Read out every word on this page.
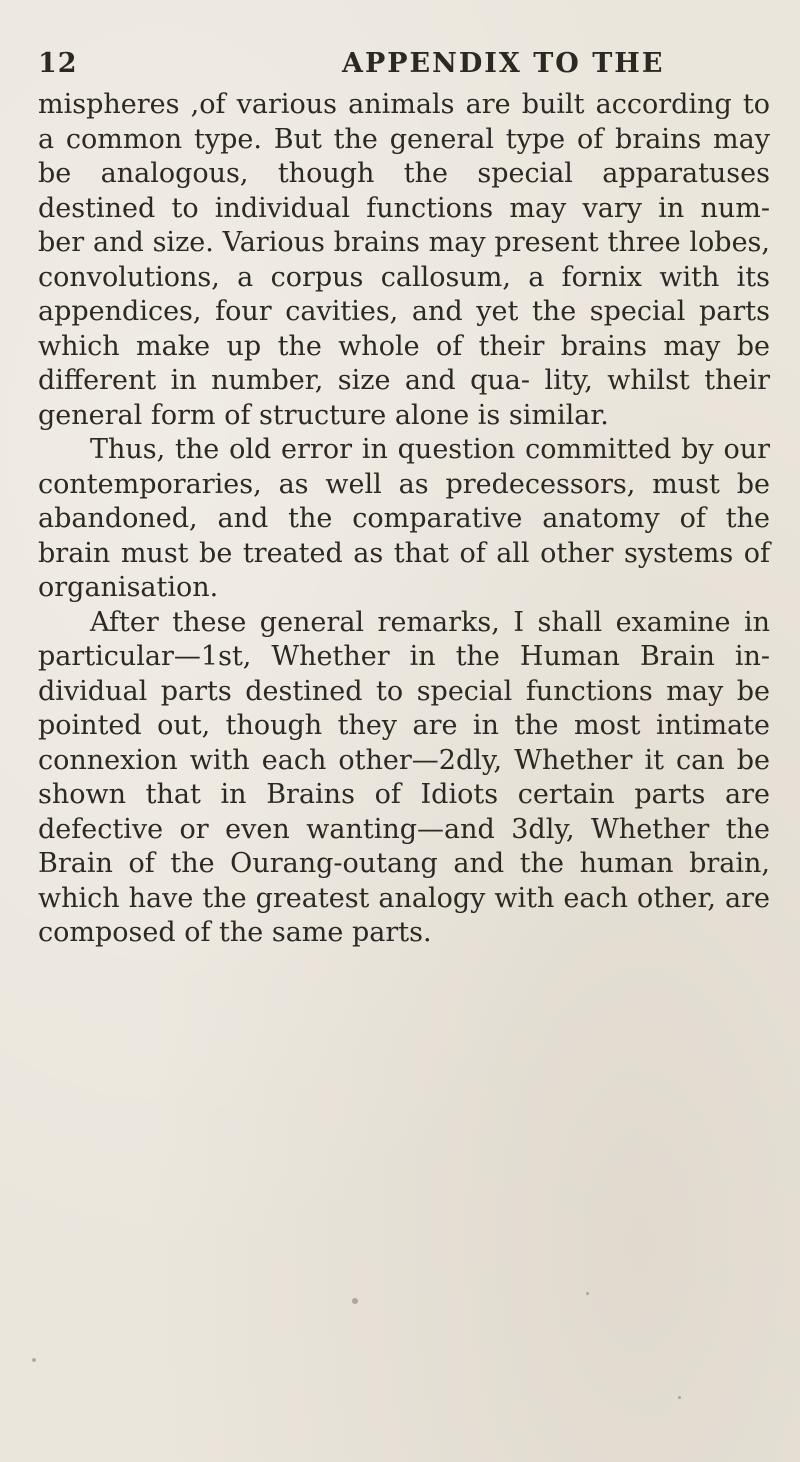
12	APPENDIX TO THE

mispheres ,of various animals are built according to a common type. But the general type of brains may be analogous, though the special apparatuses destined to individual functions may vary in num- ber and size. Various brains may present three lobes, convolutions, a corpus callosum, a fornix with its appendices, four cavities, and yet the special parts which make up the whole of their brains may be different in number, size and qua- lity, whilst their general form of structure alone is similar.

Thus, the old error in question committed by our contemporaries, as well as predecessors, must be abandoned, and the comparative anatomy of the brain must be treated as that of all other systems of organisation.

After these general remarks, I shall examine in particular—1st, Whether in the Human Brain in- dividual parts destined to special functions may be pointed out, though they are in the most intimate connexion with each other—2dly, Whether it can be shown that in Brains of Idiots certain parts are defective or even wanting—and 3dly, Whether the Brain of the Ourang-outang and the human brain, which have the greatest analogy with each other, are composed of the same parts.
